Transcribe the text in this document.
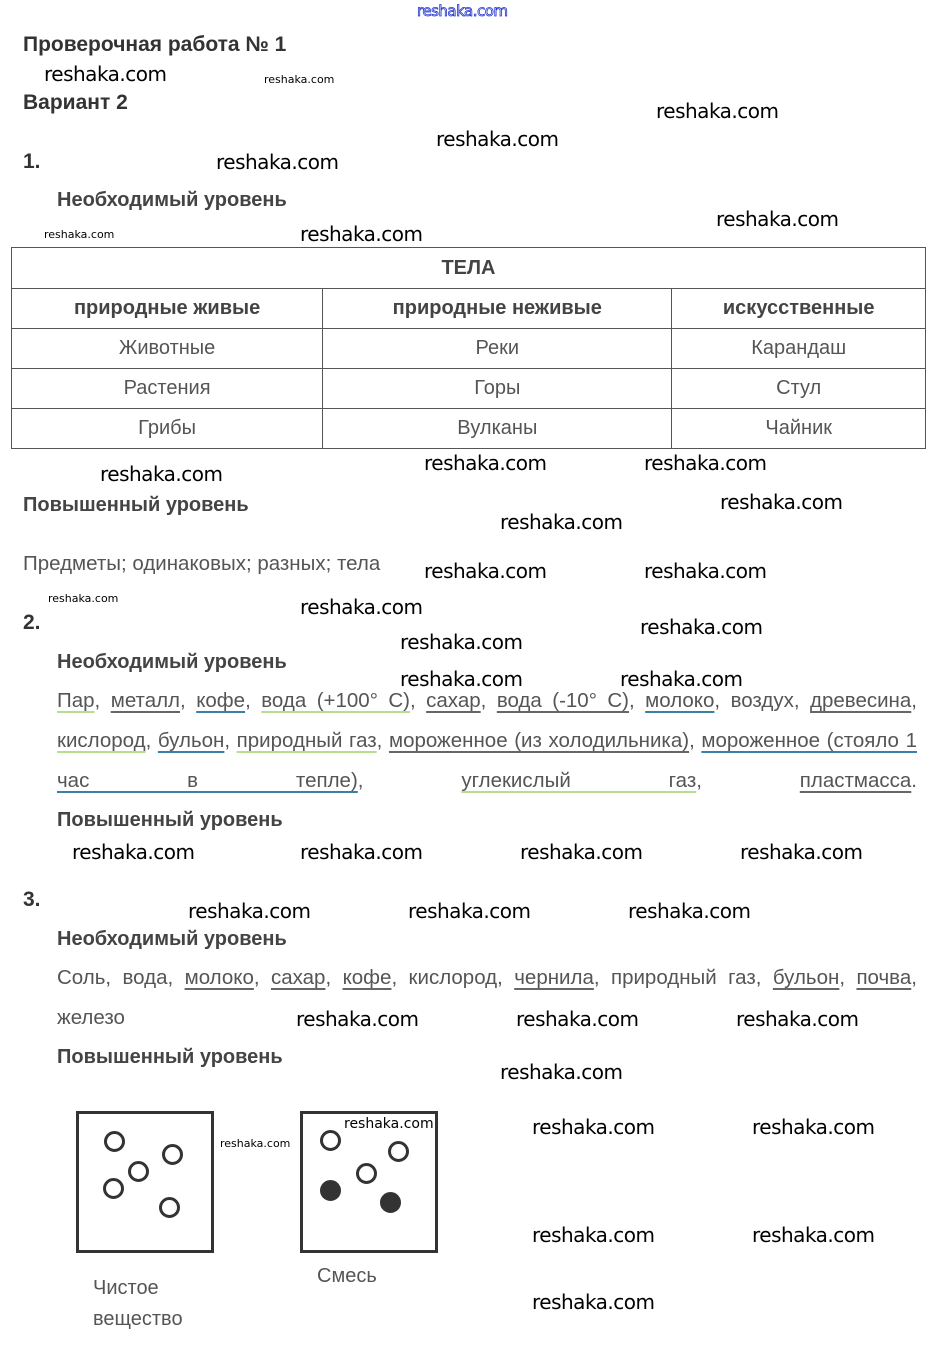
reshaka.com
Проверочная работа № 1
Вариант 2
1.
Необходимый уровень
ТЕЛА		
природные живые	природные неживые	искусственные
Животные	Реки	Карандаш
Растения	Горы	Стул
Грибы	Вулканы	Чайник
Повышенный уровень
Предметы; одинаковых; разных; тела
2.
Необходимый уровень
Пар, металл, кофе, вода (+100° С), сахар, вода (-10° С), молоко, воздух, древесина, кислород, бульон, природный газ, мороженное (из холодильника), мороженное (стояло 1 час в тепле), углекислый газ, пластмасса.
Повышенный уровень
3.
Необходимый уровень
Соль, вода, молоко, сахар, кофе, кислород, чернила, природный газ, бульон, почва, железо
Повышенный уровень
Чистое
вещество
Смесь
reshaka.com	reshaka.com
reshaka.com
reshaka.com
reshaka.com
reshaka.com
reshaka.com
reshaka.com
reshaka.com
reshaka.com
reshaka.com
reshaka.com
reshaka.com	reshaka.com
reshaka.com
reshaka.com
reshaka.com	reshaka.com
reshaka.com	reshaka.com
reshaka.com
reshaka.com	reshaka.com	reshaka.com	reshaka.com
reshaka.com	reshaka.com	reshaka.com
reshaka.com	reshaka.com	reshaka.com
reshaka.com
reshaka.com
reshaka.com	reshaka.com	reshaka.com
reshaka.com	reshaka.com
reshaka.com
